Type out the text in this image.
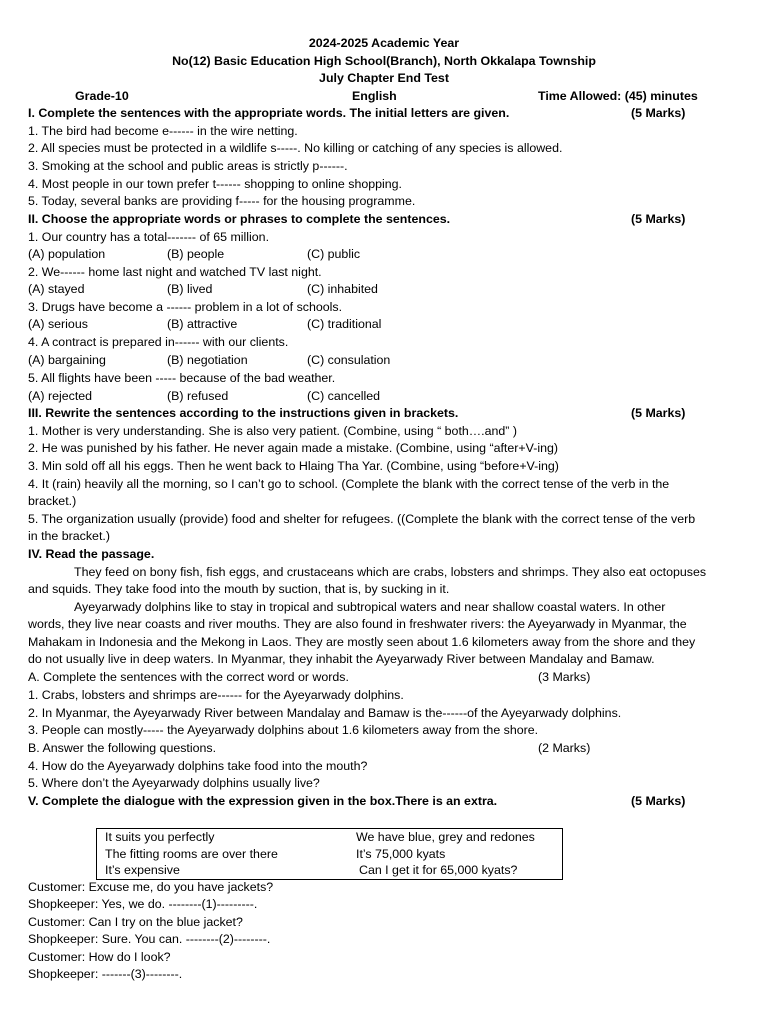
2024-2025 Academic Year
No(12) Basic Education High School(Branch), North Okkalapa Township
July Chapter End Test
Grade-10	English	Time Allowed: (45) minutes
I. Complete the sentences with the appropriate words. The initial letters are given.	(5 Marks)
1. The bird had become e------ in the wire netting.
2. All species must be protected in a wildlife s-----. No killing or catching of any species is allowed.
3. Smoking at the school and public areas is strictly p------.
4. Most people in our town prefer t------ shopping to online shopping.
5. Today, several banks are providing f----- for the housing programme.
II. Choose the appropriate words or phrases to complete the sentences.	(5 Marks)
1. Our country has a total------- of 65 million.
(A) population	(B) people	(C) public
2. We------ home last night and watched TV last night.
(A) stayed	(B) lived	(C) inhabited
3. Drugs have become a ------ problem in a lot of schools.
(A) serious	(B) attractive	(C) traditional
4. A contract is prepared in------ with our clients.
(A) bargaining	(B) negotiation	(C) consulation
5. All flights have been ----- because of the bad weather.
(A) rejected	(B) refused	(C) cancelled
III. Rewrite the sentences according to the instructions given in brackets.	(5 Marks)
1. Mother is very understanding. She is also very patient. (Combine, using “ both….and” )
2. He was punished by his father. He never again made a mistake. (Combine, using “after+V-ing)
3. Min sold off all his eggs. Then he went back to Hlaing Tha Yar. (Combine, using “before+V-ing)
4. It (rain) heavily all the morning, so I can’t go to school. (Complete the blank with the correct tense of the verb in the
bracket.)
5. The organization usually (provide) food and shelter for refugees. ((Complete the blank with the correct tense of the verb
in the bracket.)
IV. Read the passage.
They feed on bony fish, fish eggs, and crustaceans which are crabs, lobsters and shrimps. They also eat octopuses
and squids. They take food into the mouth by suction, that is, by sucking in it.
Ayeyarwady dolphins like to stay in tropical and subtropical waters and near shallow coastal waters. In other
words, they live near coasts and river mouths. They are also found in freshwater rivers: the Ayeyarwady in Myanmar, the
Mahakam in Indonesia and the Mekong in Laos. They are mostly seen about 1.6 kilometers away from the shore and they
do not usually live in deep waters. In Myanmar, they inhabit the Ayeyarwady River between Mandalay and Bamaw.
A. Complete the sentences with the correct word or words.	(3 Marks)
1. Crabs, lobsters and shrimps are------ for the Ayeyarwady dolphins.
2. In Myanmar, the Ayeyarwady River between Mandalay and Bamaw is the------of the Ayeyarwady dolphins.
3. People can mostly----- the Ayeyarwady dolphins about 1.6 kilometers away from the shore.
B. Answer the following questions.	(2 Marks)
4. How do the Ayeyarwady dolphins take food into the mouth?
5. Where don’t the Ayeyarwady dolphins usually live?
V. Complete the dialogue with the expression given in the box.There is an extra.	(5 Marks)
It suits you perfectly	We have blue, grey and redones
The fitting rooms are over there	It’s 75,000 kyats
It’s expensive	Can I get it for 65,000 kyats?
Customer: Excuse me, do you have jackets?
Shopkeeper: Yes, we do. --------(1)---------.
Customer: Can I try on the blue jacket?
Shopkeeper: Sure. You can. --------(2)--------.
Customer: How do I look?
Shopkeeper: -------(3)--------.
